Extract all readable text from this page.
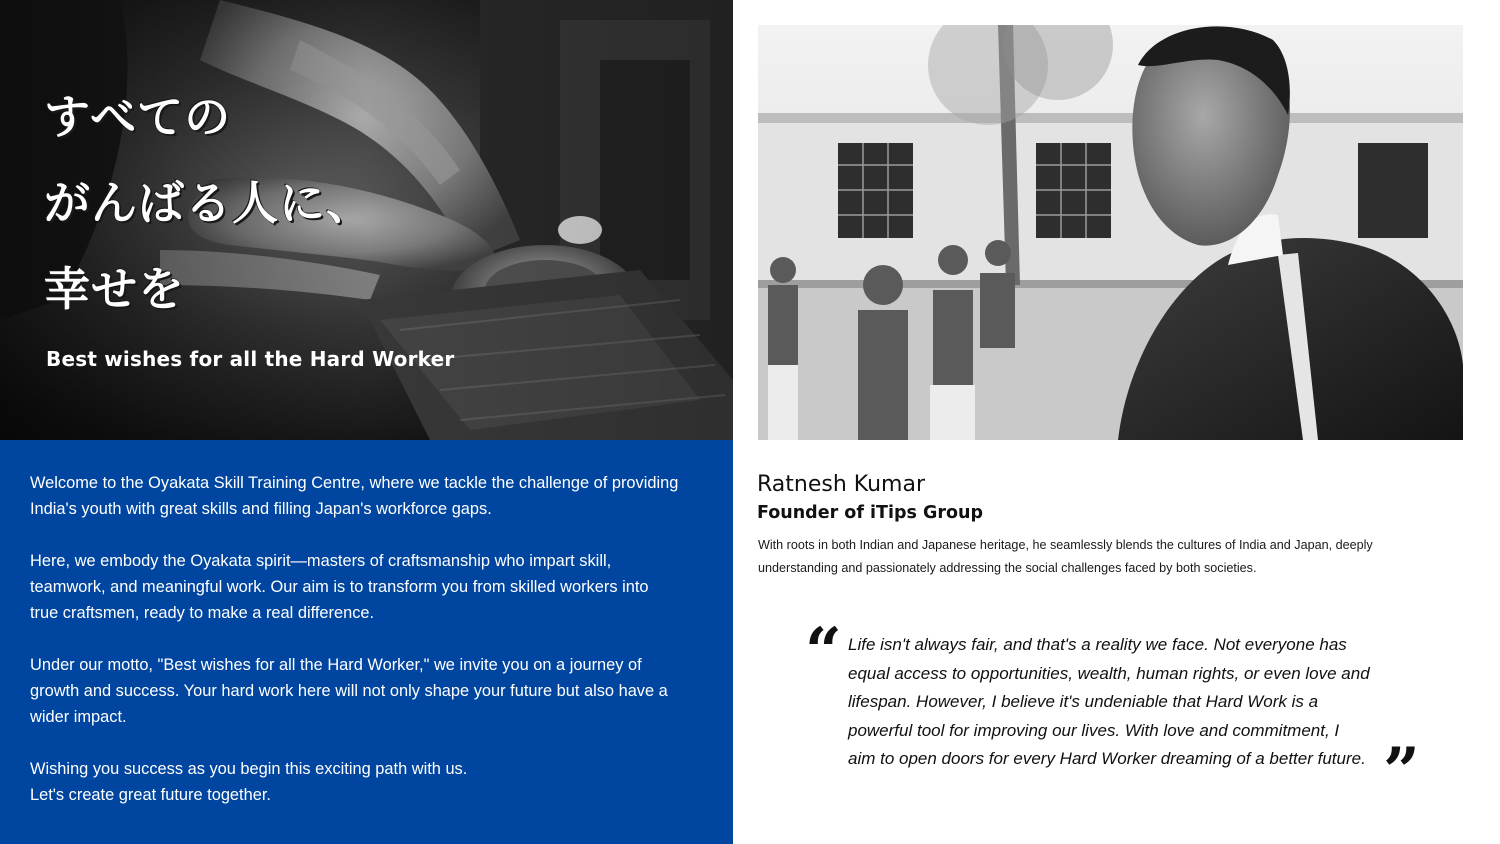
すべての
がんばる人に、
幸せを

Best wishes for all the Hard Worker

Welcome to the Oyakata Skill Training Centre, where we tackle the challenge of providing
India's youth with great skills and filling Japan's workforce gaps.

Here, we embody the Oyakata spirit—masters of craftsmanship who impart skill,
teamwork, and meaningful work. Our aim is to transform you from skilled workers into
true craftsmen, ready to make a real difference.

Under our motto, "Best wishes for all the Hard Worker," we invite you on a journey of
growth and success. Your hard work here will not only shape your future but also have a
wider impact.

Wishing you success as you begin this exciting path with us.
Let's create great future together.

Ratnesh Kumar
Founder of iTips Group

With roots in both Indian and Japanese heritage, he seamlessly blends the cultures of India and Japan, deeply
understanding and passionately addressing the social challenges faced by both societies.

“ Life isn't always fair, and that's a reality we face. Not everyone has
equal access to opportunities, wealth, human rights, or even love and
lifespan. However, I believe it's undeniable that Hard Work is a
powerful tool for improving our lives. With love and commitment, I
aim to open doors for every Hard Worker dreaming of a better future. ”
